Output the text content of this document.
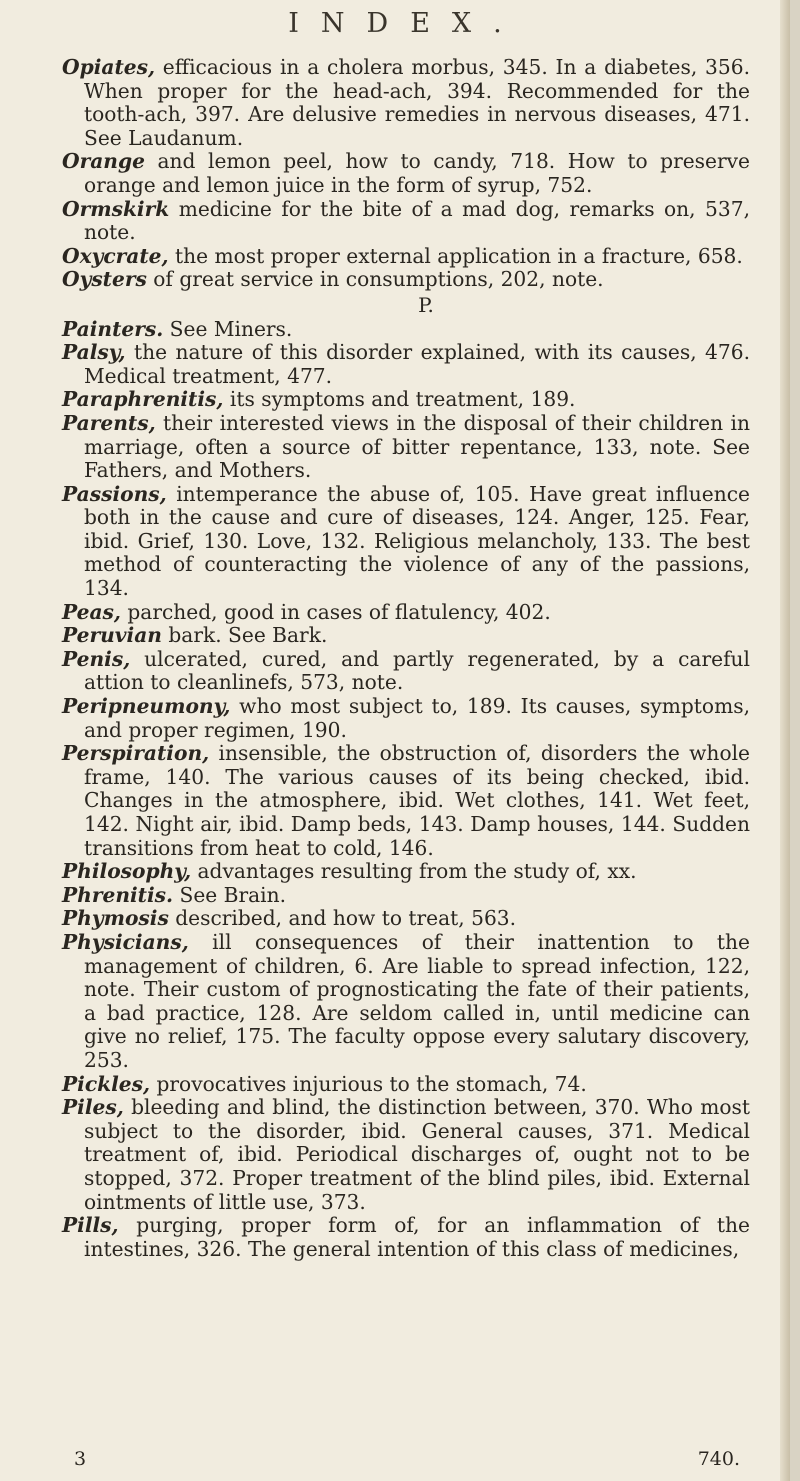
INDEX.

Opiates, efficacious in a cholera morbus, 345. In a diabetes, 356. When proper for the head-ach, 394. Recommended for the tooth-ach, 397. Are delusive remedies in nervous diseases, 471. See Laudanum.

Orange and lemon peel, how to candy, 718. How to preserve orange and lemon juice in the form of syrup, 752.

Ormskirk medicine for the bite of a mad dog, remarks on, 537, note.

Oxycrate, the most proper external application in a fracture, 658.

Oysters of great service in consumptions, 202, note.

P.

Painters. See Miners.

Palsy, the nature of this disorder explained, with its causes, 476. Medical treatment, 477.

Paraphrenitis, its symptoms and treatment, 189.

Parents, their interested views in the disposal of their children in marriage, often a source of bitter repentance, 133, note. See Fathers, and Mothers.

Passions, intemperance the abuse of, 105. Have great influence both in the cause and cure of diseases, 124. Anger, 125. Fear, ibid. Grief, 130. Love, 132. Religious melancholy, 133. The best method of counteracting the violence of any of the passions, 134.

Peas, parched, good in cases of flatulency, 402.

Peruvian bark. See Bark.

Penis, ulcerated, cured, and partly regenerated, by a careful attion to cleanlinefs, 573, note.

Peripneumony, who most subject to, 189. Its causes, symptoms, and proper regimen, 190.

Perspiration, insensible, the obstruction of, disorders the whole frame, 140. The various causes of its being checked, ibid. Changes in the atmosphere, ibid. Wet clothes, 141. Wet feet, 142. Night air, ibid. Damp beds, 143. Damp houses, 144. Sudden transitions from heat to cold, 146.

Philosophy, advantages resulting from the study of, xx.

Phrenitis. See Brain.

Phymosis described, and how to treat, 563.

Physicians, ill consequences of their inattention to the management of children, 6. Are liable to spread infection, 122, note. Their custom of prognosticating the fate of their patients, a bad practice, 128. Are seldom called in, until medicine can give no relief, 175. The faculty oppose every salutary discovery, 253.

Pickles, provocatives injurious to the stomach, 74.

Piles, bleeding and blind, the distinction between, 370. Who most subject to the disorder, ibid. General causes, 371. Medical treatment of, ibid. Periodical discharges of, ought not to be stopped, 372. Proper treatment of the blind piles, ibid. External ointments of little use, 373.

Pills, purging, proper form of, for an inflammation of the intestines, 326. The general intention of this class of medicines,

3	740.
